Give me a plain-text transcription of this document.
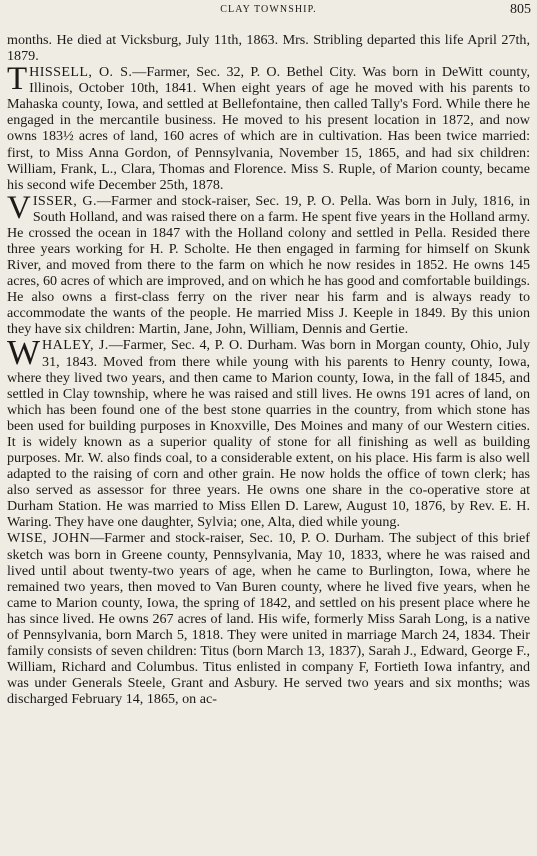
CLAY TOWNSHIP.	805

months. He died at Vicksburg, July 11th, 1863. Mrs. Stribling departed this life April 27th, 1879.

THISSELL, O. S.—Farmer, Sec. 32, P. O. Bethel City. Was born in DeWitt county, Illinois, October 10th, 1841. When eight years of age he moved with his parents to Mahaska county, Iowa, and settled at Bellefontaine, then called Tally's Ford. While there he engaged in the mercantile business. He moved to his present location in 1872, and now owns 183½ acres of land, 160 acres of which are in cultivation. Has been twice married: first, to Miss Anna Gordon, of Pennsylvania, November 15, 1865, and had six children: William, Frank, L., Clara, Thomas and Florence. Miss S. Ruple, of Marion county, became his second wife December 25th, 1878.
VISSER, G.—Farmer and stock-raiser, Sec. 19, P. O. Pella. Was born in July, 1816, in South Holland, and was raised there on a farm. He spent five years in the Holland army. He crossed the ocean in 1847 with the Holland colony and settled in Pella. Resided there three years working for H. P. Scholte. He then engaged in farming for himself on Skunk River, and moved from there to the farm on which he now resides in 1852. He owns 145 acres, 60 acres of which are improved, and on which he has good and comfortable buildings. He also owns a first-class ferry on the river near his farm and is always ready to accommodate the wants of the people. He married Miss J. Keeple in 1849. By this union they have six children: Martin, Jane, John, William, Dennis and Gertie.
WHALEY, J.—Farmer, Sec. 4, P. O. Durham. Was born in Morgan county, Ohio, July 31, 1843. Moved from there while young with his parents to Henry county, Iowa, where they lived two years, and then came to Marion county, Iowa, in the fall of 1845, and settled in Clay township, where he was raised and still lives. He owns 191 acres of land, on which has been found one of the best stone quarries in the country, from which stone has been used for building purposes in Knoxville, Des Moines and many of our Western cities. It is widely known as a superior quality of stone for all finishing as well as building purposes. Mr. W. also finds coal, to a considerable extent, on his place. His farm is also well adapted to the raising of corn and other grain. He now holds the office of town clerk; has also served as assessor for three years. He owns one share in the co-operative store at Durham Station. He was married to Miss Ellen D. Larew, August 10, 1876, by Rev. E. H. Waring. They have one daughter, Sylvia; one, Alta, died while young.
WISE, JOHN—Farmer and stock-raiser, Sec. 10, P. O. Durham. The subject of this brief sketch was born in Greene county, Pennsylvania, May 10, 1833, where he was raised and lived until about twenty-two years of age, when he came to Burlington, Iowa, where he remained two years, then moved to Van Buren county, where he lived five years, when he came to Marion county, Iowa, the spring of 1842, and settled on his present place where he has since lived. He owns 267 acres of land. His wife, formerly Miss Sarah Long, is a native of Pennsylvania, born March 5, 1818. They were united in marriage March 24, 1834. Their family consists of seven children: Titus (born March 13, 1837), Sarah J., Edward, George F., William, Richard and Columbus. Titus enlisted in company F, Fortieth Iowa infantry, and was under Generals Steele, Grant and Asbury. He served two years and six months; was discharged February 14, 1865, on ac-
